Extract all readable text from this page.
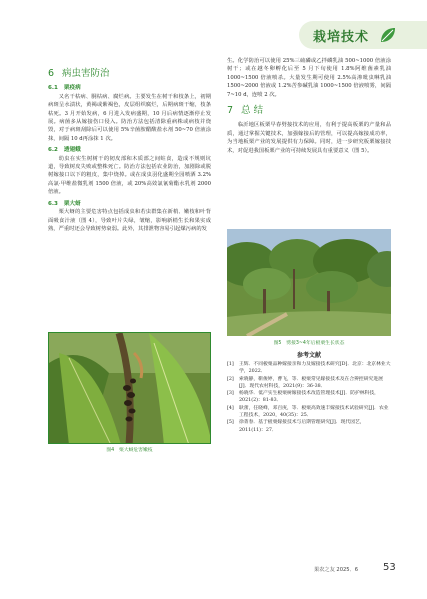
栽培技术
6 病虫害防治
6.1 栗疫病

又名干枯病、胴枯病、腐烂病。主要发生在树干和枝条上，初期病斑呈水渍状，黄褐或紫褐色，皮层组织腐烂，后期病斑干缩，枝条枯死。3 月开始发病，6 月进入发病盛期，10 月后病情逐渐停止发展。病菌多从嫁接伤口侵入。防治方法包括清除重病株或病枝并烧毁，对于病斑刮除后可以使用 5%辛菌胺醋酸盐水剂 50~70 倍液涂抹，间隔 10 d再涂抹 1 次。

6.2 透翅蛾

幼虫在实生树树干的韧皮部和木质部之间蛀食，造成不规则坑道，导致树皮失败或整株死亡。防治方法包括农业防治，加剧除或脱树嫁接口以下的粗皮，集中烧掉。或在成虫羽化盛期全园喷洒 3.2%高氯·甲维盐微乳剂 1500 倍液，或 20%高效氯氰菊酯水乳剂 2000 倍液。

6.3 栗大蚜

栗大蚜的主要危害特点包括成虫和若虫群集在新梢、嫩枝和叶背面吸食汁液（图 4），导致叶片失绿，皱缩，影响新梢生长和果实成熟，严重时还会导致树势衰弱。此外，其排泄物容易引起煤污病的发

图4　栗大蚜危害嫩枝

生。化学防治可以使用 25%三硫磷或乙拌磷乳油 500~1000 倍液涂树干；或在越冬卵孵化后至 5 月下旬使用 1.8%阿维菌素乳油 1000~1500 倍液喷杀。大量发生期可使用 2.5%高渗吡虫啉乳油 1500~2000 倍液或 1.2%苦参碱乳油 1000~1500 倍液喷雾，间隔 7~10 d，连喷 2 次。

7 总 结

临沂地区板栗早春劈接技术的应用，有利于提高板栗的产量和品质，通过掌握关键技术，加强嫁接后的管理，可以提高嫁接成功率，为当地板栗产业的发展提供有力保障。同时，进一步研究板栗嫁接技术，对促进我国板栗产业的可持续发展具有重要意义（图 5）。

图5　劈接3~4年后板栗生长状态
参考文献
[1]	王辉．不同板栗品种嫁接亲和力及嫁接技术研究[D]．北京：北京林业大学，2022．
[2]	索晓静，靳俊婷，曹飞，等．板栗常见嫁接技术及在合辨控研究进展[J]．现代农村科技，2021(9)：36-38．
[3]	杨晓华．低产实生板栗树嫁接技术改造管理技术[J]．防护林科技，2021(2)：81-83．
[4]	耿蕾，任晓峰，邓百庚，等．板栗高效速丰嫁接技术试验研究[J]．农业工程技术，2020，40(35)：25．
[5]	徐菁春．基于板栗嫁接技术与后期管理研究[J]．现代园艺，2011(11)：27．
果农之友 2025．6 53
